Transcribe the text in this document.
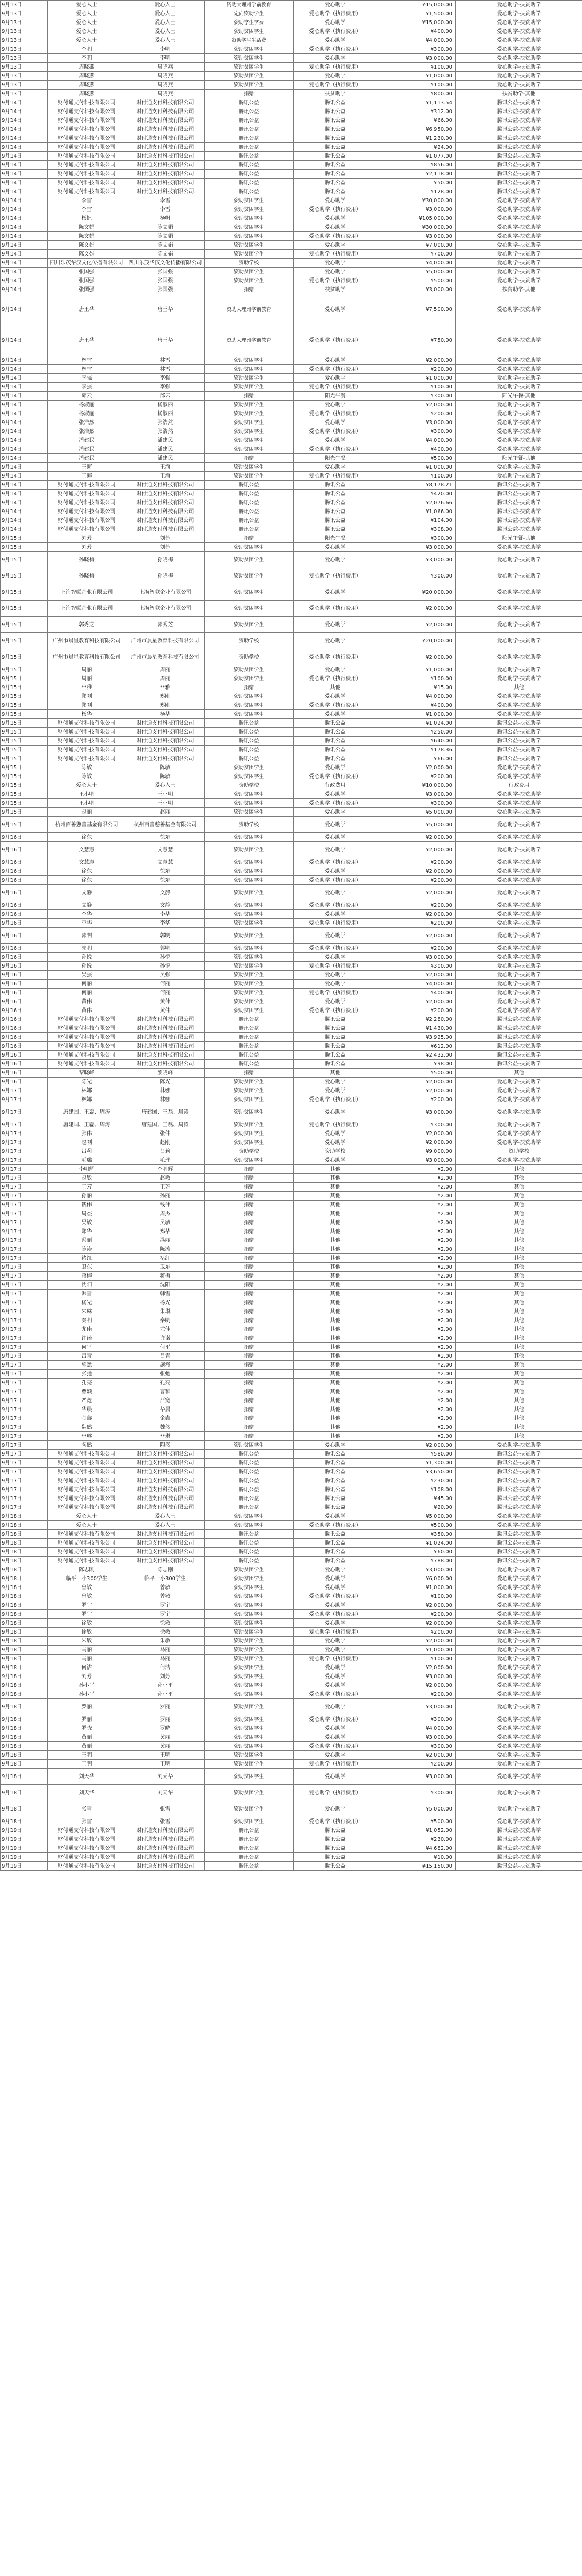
9月13日	爱心人士	爱心人士	资助大理州学前教育	爱心助学	¥15,000.00	爱心助学-扶贫助学
9月13日	爱心人士	爱心人士	定向资助学生	爱心助学（执行费用）	¥1,500.00	爱心助学-扶贫助学
9月13日	爱心人士	爱心人士	资助学生学费	爱心助学	¥15,000.00	爱心助学-扶贫助学
9月13日	爱心人士	爱心人士	资助贫困学生	爱心助学（执行费用）	¥400.00	爱心助学-扶贫助学
9月13日	爱心人士	爱心人士	资助学生生活费	爱心助学	¥4,000.00	爱心助学-扶贫助学
9月13日	李明	李明	资助贫困学生	爱心助学（执行费用）	¥300.00	爱心助学-扶贫助学
9月13日	李明	李明	资助贫困学生	爱心助学	¥3,000.00	爱心助学-扶贫助学
9月13日	周晓燕	周晓燕	资助贫困学生	爱心助学（执行费用）	¥100.00	爱心助学-扶贫助学
9月13日	周晓燕	周晓燕	资助贫困学生	爱心助学	¥1,000.00	爱心助学-扶贫助学
9月13日	周晓燕	周晓燕	资助贫困学生	爱心助学（执行费用）	¥100.00	爱心助学-扶贫助学
9月13日	周晓燕	周晓燕	捐赠	扶贫助学	¥800.00	扶贫助学-其他
9月14日	财付通支付科技有限公司	财付通支付科技有限公司	腾讯公益	腾讯公益	¥1,113.54	腾讯公益-扶贫助学
9月14日	财付通支付科技有限公司	财付通支付科技有限公司	腾讯公益	腾讯公益	¥312.00	腾讯公益-扶贫助学
9月14日	财付通支付科技有限公司	财付通支付科技有限公司	腾讯公益	腾讯公益	¥66.00	腾讯公益-扶贫助学
9月14日	财付通支付科技有限公司	财付通支付科技有限公司	腾讯公益	腾讯公益	¥6,950.00	腾讯公益-扶贫助学
9月14日	财付通支付科技有限公司	财付通支付科技有限公司	腾讯公益	腾讯公益	¥1,230.00	腾讯公益-扶贫助学
9月14日	财付通支付科技有限公司	财付通支付科技有限公司	腾讯公益	腾讯公益	¥24.00	腾讯公益-扶贫助学
9月14日	财付通支付科技有限公司	财付通支付科技有限公司	腾讯公益	腾讯公益	¥1,077.00	腾讯公益-扶贫助学
9月14日	财付通支付科技有限公司	财付通支付科技有限公司	腾讯公益	腾讯公益	¥856.00	腾讯公益-扶贫助学
9月14日	财付通支付科技有限公司	财付通支付科技有限公司	腾讯公益	腾讯公益	¥2,118.00	腾讯公益-扶贫助学
9月14日	财付通支付科技有限公司	财付通支付科技有限公司	腾讯公益	腾讯公益	¥50.00	腾讯公益-扶贫助学
9月14日	财付通支付科技有限公司	财付通支付科技有限公司	腾讯公益	腾讯公益	¥128.00	腾讯公益-扶贫助学
9月14日	李雪	李雪	资助贫困学生	爱心助学	¥30,000.00	爱心助学-扶贫助学
9月14日	李雪	李雪	资助贫困学生	爱心助学（执行费用）	¥3,000.00	爱心助学-扶贫助学
9月14日	杨帆	杨帆	资助贫困学生	爱心助学	¥105,000.00	爱心助学-扶贫助学
9月14日	陈文娟	陈文娟	资助贫困学生	爱心助学	¥30,000.00	爱心助学-扶贫助学
9月14日	陈文娟	陈文娟	资助贫困学生	爱心助学（执行费用）	¥3,000.00	爱心助学-扶贫助学
9月14日	陈文娟	陈文娟	资助贫困学生	爱心助学	¥7,000.00	爱心助学-扶贫助学
9月14日	陈文娟	陈文娟	资助贫困学生	爱心助学（执行费用）	¥700.00	爱心助学-扶贫助学
9月14日	四川乐茂华汉文化传播有限公司	四川乐茂华汉文化传播有限公司	资助学校	爱心助学	¥4,000.00	爱心助学-扶贫助学
9月14日	张国强	张国强	资助贫困学生	爱心助学	¥5,000.00	爱心助学-扶贫助学
9月14日	张国强	张国强	资助贫困学生	爱心助学（执行费用）	¥500.00	爱心助学-扶贫助学
9月14日	张国强	张国强	捐赠	扶贫助学	¥3,000.00	扶贫助学-其他
9月14日	唐王华	唐王华	资助大理州学前教育	爱心助学	¥7,500.00	爱心助学-扶贫助学
9月14日	唐王华	唐王华	资助大理州学前教育	爱心助学（执行费用）	¥750.00	爱心助学-扶贫助学
9月14日	林雪	林雪	资助贫困学生	爱心助学	¥2,000.00	爱心助学-扶贫助学
9月14日	林雪	林雪	资助贫困学生	爱心助学（执行费用）	¥200.00	爱心助学-扶贫助学
9月14日	李强	李强	资助贫困学生	爱心助学	¥1,000.00	爱心助学-扶贫助学
9月14日	李强	李强	资助贫困学生	爱心助学（执行费用）	¥100.00	爱心助学-扶贫助学
9月14日	邱云	邱云	捐赠	阳光午餐	¥300.00	阳光午餐-其他
9月14日	杨淑丽	杨淑丽	资助贫困学生	爱心助学	¥2,000.00	爱心助学-扶贫助学
9月14日	杨淑丽	杨淑丽	资助贫困学生	爱心助学（执行费用）	¥200.00	爱心助学-扶贫助学
9月14日	张浩然	张浩然	资助贫困学生	爱心助学	¥3,000.00	爱心助学-扶贫助学
9月14日	张浩然	张浩然	资助贫困学生	爱心助学（执行费用）	¥300.00	爱心助学-扶贫助学
9月14日	潘建民	潘建民	资助贫困学生	爱心助学	¥4,000.00	爱心助学-扶贫助学
9月14日	潘建民	潘建民	资助贫困学生	爱心助学（执行费用）	¥400.00	爱心助学-扶贫助学
9月14日	潘建民	潘建民	捐赠	阳光午餐	¥500.00	阳光午餐-其他
9月14日	王海	王海	资助贫困学生	爱心助学	¥1,000.00	爱心助学-扶贫助学
9月14日	王海	王海	资助贫困学生	爱心助学（执行费用）	¥100.00	爱心助学-扶贫助学
9月14日	财付通支付科技有限公司	财付通支付科技有限公司	腾讯公益	腾讯公益	¥8,178.21	腾讯公益-扶贫助学
9月14日	财付通支付科技有限公司	财付通支付科技有限公司	腾讯公益	腾讯公益	¥420.00	腾讯公益-扶贫助学
9月14日	财付通支付科技有限公司	财付通支付科技有限公司	腾讯公益	腾讯公益	¥2,076.66	腾讯公益-扶贫助学
9月14日	财付通支付科技有限公司	财付通支付科技有限公司	腾讯公益	腾讯公益	¥1,066.00	腾讯公益-扶贫助学
9月14日	财付通支付科技有限公司	财付通支付科技有限公司	腾讯公益	腾讯公益	¥104.00	腾讯公益-扶贫助学
9月14日	财付通支付科技有限公司	财付通支付科技有限公司	腾讯公益	腾讯公益	¥308.00	腾讯公益-扶贫助学
9月15日	刘芳	刘芳	捐赠	阳光午餐	¥300.00	阳光午餐-其他
9月15日	刘芳	刘芳	资助贫困学生	爱心助学	¥3,000.00	爱心助学-扶贫助学
9月15日	孙晓梅	孙晓梅	资助贫困学生	爱心助学	¥3,000.00	爱心助学-扶贫助学
9月15日	孙晓梅	孙晓梅	资助贫困学生	爱心助学（执行费用）	¥300.00	爱心助学-扶贫助学
9月15日	上海智联企业有限公司	上海智联企业有限公司	资助贫困学生	爱心助学	¥20,000.00	爱心助学-扶贫助学
9月15日	上海智联企业有限公司	上海智联企业有限公司	资助贫困学生	爱心助学（执行费用）	¥2,000.00	爱心助学-扶贫助学
9月15日	郭秀芝	郭秀芝	资助贫困学生	爱心助学	¥2,000.00	爱心助学-扶贫助学
9月15日	广州市晨星教育科技有限公司	广州市晨星教育科技有限公司	资助学校	爱心助学	¥20,000.00	爱心助学-扶贫助学
9月15日	广州市晨星教育科技有限公司	广州市晨星教育科技有限公司	资助学校	爱心助学（执行费用）	¥2,000.00	爱心助学-扶贫助学
9月15日	周丽	周丽	资助贫困学生	爱心助学	¥1,000.00	爱心助学-扶贫助学
9月15日	周丽	周丽	资助贫困学生	爱心助学（执行费用）	¥100.00	爱心助学-扶贫助学
9月15日	**雅	**雅	捐赠	其他	¥15.00	其他
9月15日	郑刚	郑刚	资助贫困学生	爱心助学	¥4,000.00	爱心助学-扶贫助学
9月15日	郑刚	郑刚	资助贫困学生	爱心助学（执行费用）	¥400.00	爱心助学-扶贫助学
9月15日	杨华	杨华	资助贫困学生	爱心助学	¥1,000.00	爱心助学-扶贫助学
9月15日	财付通支付科技有限公司	财付通支付科技有限公司	腾讯公益	腾讯公益	¥1,024.00	腾讯公益-扶贫助学
9月15日	财付通支付科技有限公司	财付通支付科技有限公司	腾讯公益	腾讯公益	¥250.00	腾讯公益-扶贫助学
9月15日	财付通支付科技有限公司	财付通支付科技有限公司	腾讯公益	腾讯公益	¥640.00	腾讯公益-扶贫助学
9月15日	财付通支付科技有限公司	财付通支付科技有限公司	腾讯公益	腾讯公益	¥178.36	腾讯公益-扶贫助学
9月15日	财付通支付科技有限公司	财付通支付科技有限公司	腾讯公益	腾讯公益	¥66.00	腾讯公益-扶贫助学
9月15日	陈敏	陈敏	资助贫困学生	爱心助学	¥2,000.00	爱心助学-扶贫助学
9月15日	陈敏	陈敏	资助贫困学生	爱心助学（执行费用）	¥200.00	爱心助学-扶贫助学
9月15日	爱心人士	爱心人士	资助学校	行政费用	¥10,000.00	行政费用
9月15日	王小明	王小明	资助贫困学生	爱心助学	¥3,000.00	爱心助学-扶贫助学
9月15日	王小明	王小明	资助贫困学生	爱心助学（执行费用）	¥300.00	爱心助学-扶贫助学
9月15日	赵丽	赵丽	资助贫困学生	爱心助学	¥5,000.00	爱心助学-扶贫助学
9月15日	杭州百善慈善基金有限公司	杭州百善慈善基金有限公司	资助学校	爱心助学	¥5,000.00	爱心助学-扶贫助学
9月16日	徐东	徐东	资助贫困学生	爱心助学	¥2,000.00	爱心助学-扶贫助学
9月16日	文慧慧	文慧慧	资助贫困学生	爱心助学	¥2,000.00	爱心助学-扶贫助学
9月16日	文慧慧	文慧慧	资助贫困学生	爱心助学（执行费用）	¥200.00	爱心助学-扶贫助学
9月16日	徐东	徐东	资助贫困学生	爱心助学	¥2,000.00	爱心助学-扶贫助学
9月16日	徐东	徐东	资助贫困学生	爱心助学（执行费用）	¥200.00	爱心助学-扶贫助学
9月16日	文静	文静	资助贫困学生	爱心助学	¥2,000.00	爱心助学-扶贫助学
9月16日	文静	文静	资助贫困学生	爱心助学（执行费用）	¥200.00	爱心助学-扶贫助学
9月16日	李华	李华	资助贫困学生	爱心助学	¥2,000.00	爱心助学-扶贫助学
9月16日	李华	李华	资助贫困学生	爱心助学（执行费用）	¥200.00	爱心助学-扶贫助学
9月16日	郭明	郭明	资助贫困学生	爱心助学	¥2,000.00	爱心助学-扶贫助学
9月16日	郭明	郭明	资助贫困学生	爱心助学（执行费用）	¥200.00	爱心助学-扶贫助学
9月16日	孙悦	孙悦	资助贫困学生	爱心助学	¥3,000.00	爱心助学-扶贫助学
9月16日	孙悦	孙悦	资助贫困学生	爱心助学（执行费用）	¥300.00	爱心助学-扶贫助学
9月16日	吴强	吴强	资助贫困学生	爱心助学	¥2,000.00	爱心助学-扶贫助学
9月16日	何丽	何丽	资助贫困学生	爱心助学	¥4,000.00	爱心助学-扶贫助学
9月16日	何丽	何丽	资助贫困学生	爱心助学（执行费用）	¥400.00	爱心助学-扶贫助学
9月16日	黄伟	黄伟	资助贫困学生	爱心助学	¥2,000.00	爱心助学-扶贫助学
9月16日	黄伟	黄伟	资助贫困学生	爱心助学（执行费用）	¥200.00	爱心助学-扶贫助学
9月16日	财付通支付科技有限公司	财付通支付科技有限公司	腾讯公益	腾讯公益	¥2,280.00	腾讯公益-扶贫助学
9月16日	财付通支付科技有限公司	财付通支付科技有限公司	腾讯公益	腾讯公益	¥1,430.00	腾讯公益-扶贫助学
9月16日	财付通支付科技有限公司	财付通支付科技有限公司	腾讯公益	腾讯公益	¥3,925.00	腾讯公益-扶贫助学
9月16日	财付通支付科技有限公司	财付通支付科技有限公司	腾讯公益	腾讯公益	¥612.00	腾讯公益-扶贫助学
9月16日	财付通支付科技有限公司	财付通支付科技有限公司	腾讯公益	腾讯公益	¥2,432.00	腾讯公益-扶贫助学
9月16日	财付通支付科技有限公司	财付通支付科技有限公司	腾讯公益	腾讯公益	¥98.00	腾讯公益-扶贫助学
9月16日	黎晓峰	黎晓峰	捐赠	其他	¥500.00	其他
9月16日	陈光	陈光	资助贫困学生	爱心助学	¥2,000.00	爱心助学-扶贫助学
9月17日	林娜	林娜	资助贫困学生	爱心助学	¥2,000.00	爱心助学-扶贫助学
9月17日	林娜	林娜	资助贫困学生	爱心助学（执行费用）	¥200.00	爱心助学-扶贫助学
9月17日	唐建国、王磊、周涛	唐建国、王磊、周涛	资助贫困学生	爱心助学	¥3,000.00	爱心助学-扶贫助学
9月17日	唐建国、王磊、周涛	唐建国、王磊、周涛	资助贫困学生	爱心助学（执行费用）	¥300.00	爱心助学-扶贫助学
9月17日	张伟	张伟	资助贫困学生	爱心助学	¥2,000.00	爱心助学-扶贫助学
9月17日	赵刚	赵刚	资助贫困学生	爱心助学	¥2,000.00	爱心助学-扶贫助学
9月17日	吕莉	吕莉	资助学校	资助学校	¥9,000.00	资助学校
9月17日	毛瑞	毛瑞	资助贫困学生	爱心助学	¥3,000.00	爱心助学-扶贫助学
9月17日	李明辉	李明辉	捐赠	其他	¥2.00	其他
9月17日	赵敏	赵敏	捐赠	其他	¥2.00	其他
9月17日	王芳	王芳	捐赠	其他	¥2.00	其他
9月17日	孙丽	孙丽	捐赠	其他	¥2.00	其他
9月17日	钱伟	钱伟	捐赠	其他	¥2.00	其他
9月17日	周杰	周杰	捐赠	其他	¥2.00	其他
9月17日	吴敏	吴敏	捐赠	其他	¥2.00	其他
9月17日	郑华	郑华	捐赠	其他	¥2.00	其他
9月17日	冯丽	冯丽	捐赠	其他	¥2.00	其他
9月17日	陈涛	陈涛	捐赠	其他	¥2.00	其他
9月17日	褚红	褚红	捐赠	其他	¥2.00	其他
9月17日	卫东	卫东	捐赠	其他	¥2.00	其他
9月17日	蒋梅	蒋梅	捐赠	其他	¥2.00	其他
9月17日	沈阳	沈阳	捐赠	其他	¥2.00	其他
9月17日	韩雪	韩雪	捐赠	其他	¥2.00	其他
9月17日	杨光	杨光	捐赠	其他	¥2.00	其他
9月17日	朱琳	朱琳	捐赠	其他	¥2.00	其他
9月17日	秦明	秦明	捐赠	其他	¥2.00	其他
9月17日	尤佳	尤佳	捐赠	其他	¥2.00	其他
9月17日	许诺	许诺	捐赠	其他	¥2.00	其他
9月17日	何平	何平	捐赠	其他	¥2.00	其他
9月17日	吕青	吕青	捐赠	其他	¥2.00	其他
9月17日	施然	施然	捐赠	其他	¥2.00	其他
9月17日	张弛	张弛	捐赠	其他	¥2.00	其他
9月17日	孔亮	孔亮	捐赠	其他	¥2.00	其他
9月17日	曹颖	曹颖	捐赠	其他	¥2.00	其他
9月17日	严宽	严宽	捐赠	其他	¥2.00	其他
9月17日	华晨	华晨	捐赠	其他	¥2.00	其他
9月17日	金鑫	金鑫	捐赠	其他	¥2.00	其他
9月17日	魏然	魏然	捐赠	其他	¥2.00	其他
9月17日	**琳	**琳	捐赠	其他	¥2.00	其他
9月17日	陶然	陶然	资助贫困学生	爱心助学	¥2,000.00	爱心助学-扶贫助学
9月17日	财付通支付科技有限公司	财付通支付科技有限公司	腾讯公益	腾讯公益	¥580.00	腾讯公益-扶贫助学
9月17日	财付通支付科技有限公司	财付通支付科技有限公司	腾讯公益	腾讯公益	¥1,300.00	腾讯公益-扶贫助学
9月17日	财付通支付科技有限公司	财付通支付科技有限公司	腾讯公益	腾讯公益	¥3,650.00	腾讯公益-扶贫助学
9月17日	财付通支付科技有限公司	财付通支付科技有限公司	腾讯公益	腾讯公益	¥230.00	腾讯公益-扶贫助学
9月17日	财付通支付科技有限公司	财付通支付科技有限公司	腾讯公益	腾讯公益	¥108.00	腾讯公益-扶贫助学
9月17日	财付通支付科技有限公司	财付通支付科技有限公司	腾讯公益	腾讯公益	¥45.00	腾讯公益-扶贫助学
9月17日	财付通支付科技有限公司	财付通支付科技有限公司	腾讯公益	腾讯公益	¥20.00	腾讯公益-扶贫助学
9月18日	爱心人士	爱心人士	资助贫困学生	爱心助学	¥5,000.00	爱心助学-扶贫助学
9月18日	爱心人士	爱心人士	资助贫困学生	爱心助学（执行费用）	¥500.00	爱心助学-扶贫助学
9月18日	财付通支付科技有限公司	财付通支付科技有限公司	腾讯公益	腾讯公益	¥350.00	腾讯公益-扶贫助学
9月18日	财付通支付科技有限公司	财付通支付科技有限公司	腾讯公益	腾讯公益	¥1,024.00	腾讯公益-扶贫助学
9月18日	财付通支付科技有限公司	财付通支付科技有限公司	腾讯公益	腾讯公益	¥60.00	腾讯公益-扶贫助学
9月18日	财付通支付科技有限公司	财付通支付科技有限公司	腾讯公益	腾讯公益	¥788.00	腾讯公益-扶贫助学
9月18日	陈志刚	陈志刚	资助贫困学生	爱心助学	¥3,000.00	爱心助学-扶贫助学
9月18日	临平一小300学生	临平一小300学生	资助贫困学生	爱心助学	¥6,000.00	爱心助学-扶贫助学
9月18日	曾敏	曾敏	资助贫困学生	爱心助学	¥1,000.00	爱心助学-扶贫助学
9月18日	曾敏	曾敏	资助贫困学生	爱心助学（执行费用）	¥100.00	爱心助学-扶贫助学
9月18日	罗宇	罗宇	资助贫困学生	爱心助学	¥2,000.00	爱心助学-扶贫助学
9月18日	罗宇	罗宇	资助贫困学生	爱心助学（执行费用）	¥200.00	爱心助学-扶贫助学
9月18日	徐敏	徐敏	资助贫困学生	爱心助学	¥2,000.00	爱心助学-扶贫助学
9月18日	徐敏	徐敏	资助贫困学生	爱心助学（执行费用）	¥200.00	爱心助学-扶贫助学
9月18日	朱敏	朱敏	资助贫困学生	爱心助学	¥2,000.00	爱心助学-扶贫助学
9月18日	马丽	马丽	资助贫困学生	爱心助学	¥1,000.00	爱心助学-扶贫助学
9月18日	马丽	马丽	资助贫困学生	爱心助学（执行费用）	¥100.00	爱心助学-扶贫助学
9月18日	何洁	何洁	资助贫困学生	爱心助学	¥2,000.00	爱心助学-扶贫助学
9月18日	刘芳	刘芳	资助贫困学生	爱心助学	¥3,000.00	爱心助学-扶贫助学
9月18日	孙小平	孙小平	资助贫困学生	爱心助学	¥2,000.00	爱心助学-扶贫助学
9月18日	孙小平	孙小平	资助贫困学生	爱心助学（执行费用）	¥200.00	爱心助学-扶贫助学
9月18日	罗丽	罗丽	资助贫困学生	爱心助学	¥3,000.00	爱心助学-扶贫助学
9月18日	罗丽	罗丽	资助贫困学生	爱心助学（执行费用）	¥300.00	爱心助学-扶贫助学
9月18日	罗晓	罗晓	资助贫困学生	爱心助学	¥4,000.00	爱心助学-扶贫助学
9月18日	黄丽	黄丽	资助贫困学生	爱心助学	¥3,000.00	爱心助学-扶贫助学
9月18日	黄丽	黄丽	资助贫困学生	爱心助学（执行费用）	¥300.00	爱心助学-扶贫助学
9月18日	王明	王明	资助贫困学生	爱心助学	¥2,000.00	爱心助学-扶贫助学
9月18日	王明	王明	资助贫困学生	爱心助学（执行费用）	¥200.00	爱心助学-扶贫助学
9月18日	刘天华	刘天华	资助贫困学生	爱心助学	¥3,000.00	爱心助学-扶贫助学
9月18日	刘天华	刘天华	资助贫困学生	爱心助学（执行费用）	¥300.00	爱心助学-扶贫助学
9月18日	张雪	张雪	资助贫困学生	爱心助学	¥5,000.00	爱心助学-扶贫助学
9月18日	张雪	张雪	资助贫困学生	爱心助学（执行费用）	¥500.00	爱心助学-扶贫助学
9月19日	财付通支付科技有限公司	财付通支付科技有限公司	腾讯公益	腾讯公益	¥1,052.00	腾讯公益-扶贫助学
9月19日	财付通支付科技有限公司	财付通支付科技有限公司	腾讯公益	腾讯公益	¥230.00	腾讯公益-扶贫助学
9月19日	财付通支付科技有限公司	财付通支付科技有限公司	腾讯公益	腾讯公益	¥4,682.00	腾讯公益-扶贫助学
9月19日	财付通支付科技有限公司	财付通支付科技有限公司	腾讯公益	腾讯公益	¥10.00	腾讯公益-扶贫助学
9月19日	财付通支付科技有限公司	财付通支付科技有限公司	腾讯公益	腾讯公益	¥15,150.00	腾讯公益-扶贫助学
